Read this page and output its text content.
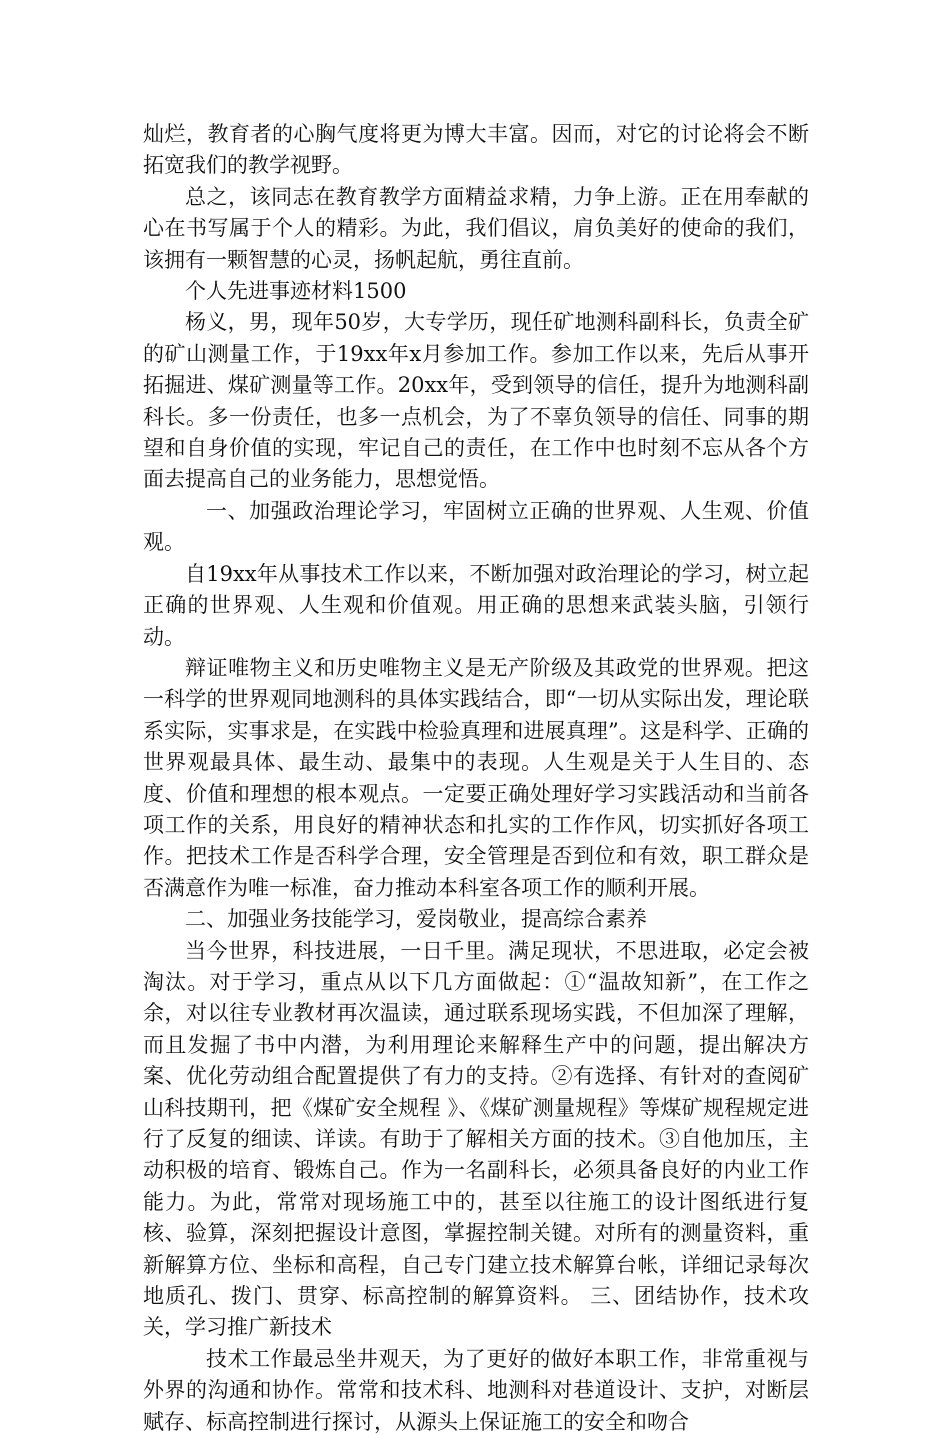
灿烂，教育者的心胸气度将更为博大丰富。因而，对它的讨论将会不断拓宽我们的教学视野。

总之，该同志在教育教学方面精益求精，力争上游。正在用奉献的心在书写属于个人的精彩。为此，我们倡议，肩负美好的使命的我们，该拥有一颗智慧的心灵，扬帆起航，勇往直前。

个人先进事迹材料1500

杨义，男，现年50岁，大专学历，现任矿地测科副科长，负责全矿的矿山测量工作，于19xx年x月参加工作。参加工作以来，先后从事开拓掘进、煤矿测量等工作。20xx年，受到领导的信任，提升为地测科副科长。多一份责任，也多一点机会，为了不辜负领导的信任、同事的期望和自身价值的实现，牢记自己的责任，在工作中也时刻不忘从各个方面去提高自己的业务能力，思想觉悟。

一、加强政治理论学习，牢固树立正确的世界观、人生观、价值观。

自19xx年从事技术工作以来，不断加强对政治理论的学习，树立起正确的世界观、人生观和价值观。用正确的思想来武装头脑，引领行动。

辩证唯物主义和历史唯物主义是无产阶级及其政党的世界观。把这一科学的世界观同地测科的具体实践结合，即“一切从实际出发，理论联系实际，实事求是，在实践中检验真理和进展真理”。这是科学、正确的世界观最具体、最生动、最集中的表现。人生观是关于人生目的、态度、价值和理想的根本观点。一定要正确处理好学习实践活动和当前各项工作的关系，用良好的精神状态和扎实的工作作风，切实抓好各项工作。把技术工作是否科学合理，安全管理是否到位和有效，职工群众是否满意作为唯一标准，奋力推动本科室各项工作的顺利开展。

二、加强业务技能学习，爱岗敬业，提高综合素养

当今世界，科技进展，一日千里。满足现状，不思进取，必定会被淘汰。对于学习，重点从以下几方面做起：①“温故知新”，在工作之余，对以往专业教材再次温读，通过联系现场实践，不但加深了理解，而且发掘了书中内潜，为利用理论来解释生产中的问题，提出解决方案、优化劳动组合配置提供了有力的支持。②有选择、有针对的查阅矿山科技期刊，把《煤矿安全规程 》、《煤矿测量规程》等煤矿规程规定进行了反复的细读、详读。有助于了解相关方面的技术。③自他加压，主动积极的培育、锻炼自己。作为一名副科长，必须具备良好的内业工作能力。为此，常常对现场施工中的，甚至以往施工的设计图纸进行复核、验算，深刻把握设计意图，掌握控制关键。对所有的测量资料，重新解算方位、坐标和高程，自己专门建立技术解算台帐，详细记录每次地质孔、拨门、贯穿、标高控制的解算资料。 三、团结协作，技术攻关，学习推广新技术

技术工作最忌坐井观天，为了更好的做好本职工作，非常重视与外界的沟通和协作。常常和技术科、地测科对巷道设计、支护，对断层赋存、标高控制进行探讨，从源头上保证施工的安全和吻合
